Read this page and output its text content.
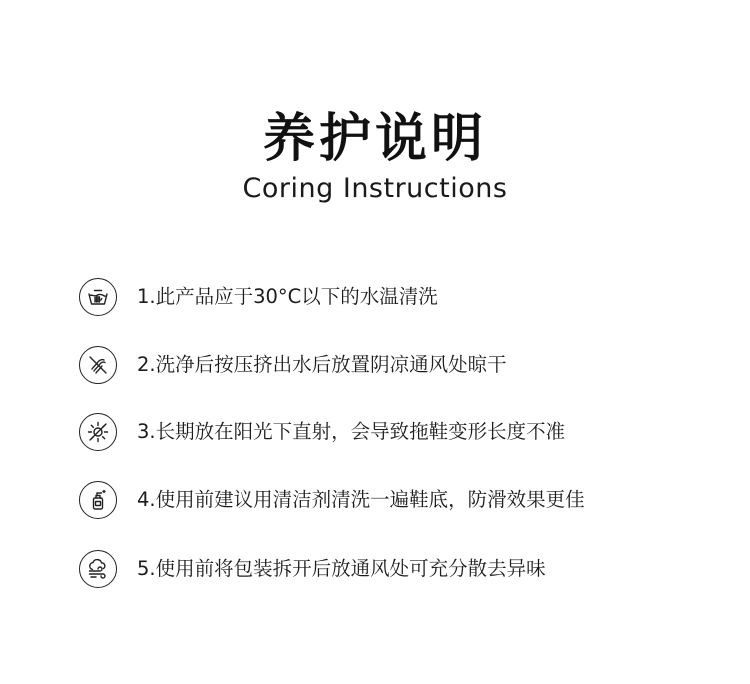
养护说明
Coring Instructions
1.此产品应于30°C以下的水温清洗
2.洗净后按压挤出水后放置阴凉通风处晾干
3.长期放在阳光下直射，会导致拖鞋变形长度不准
4.使用前建议用清洁剂清洗一遍鞋底，防滑效果更佳
5.使用前将包装拆开后放通风处可充分散去异味
